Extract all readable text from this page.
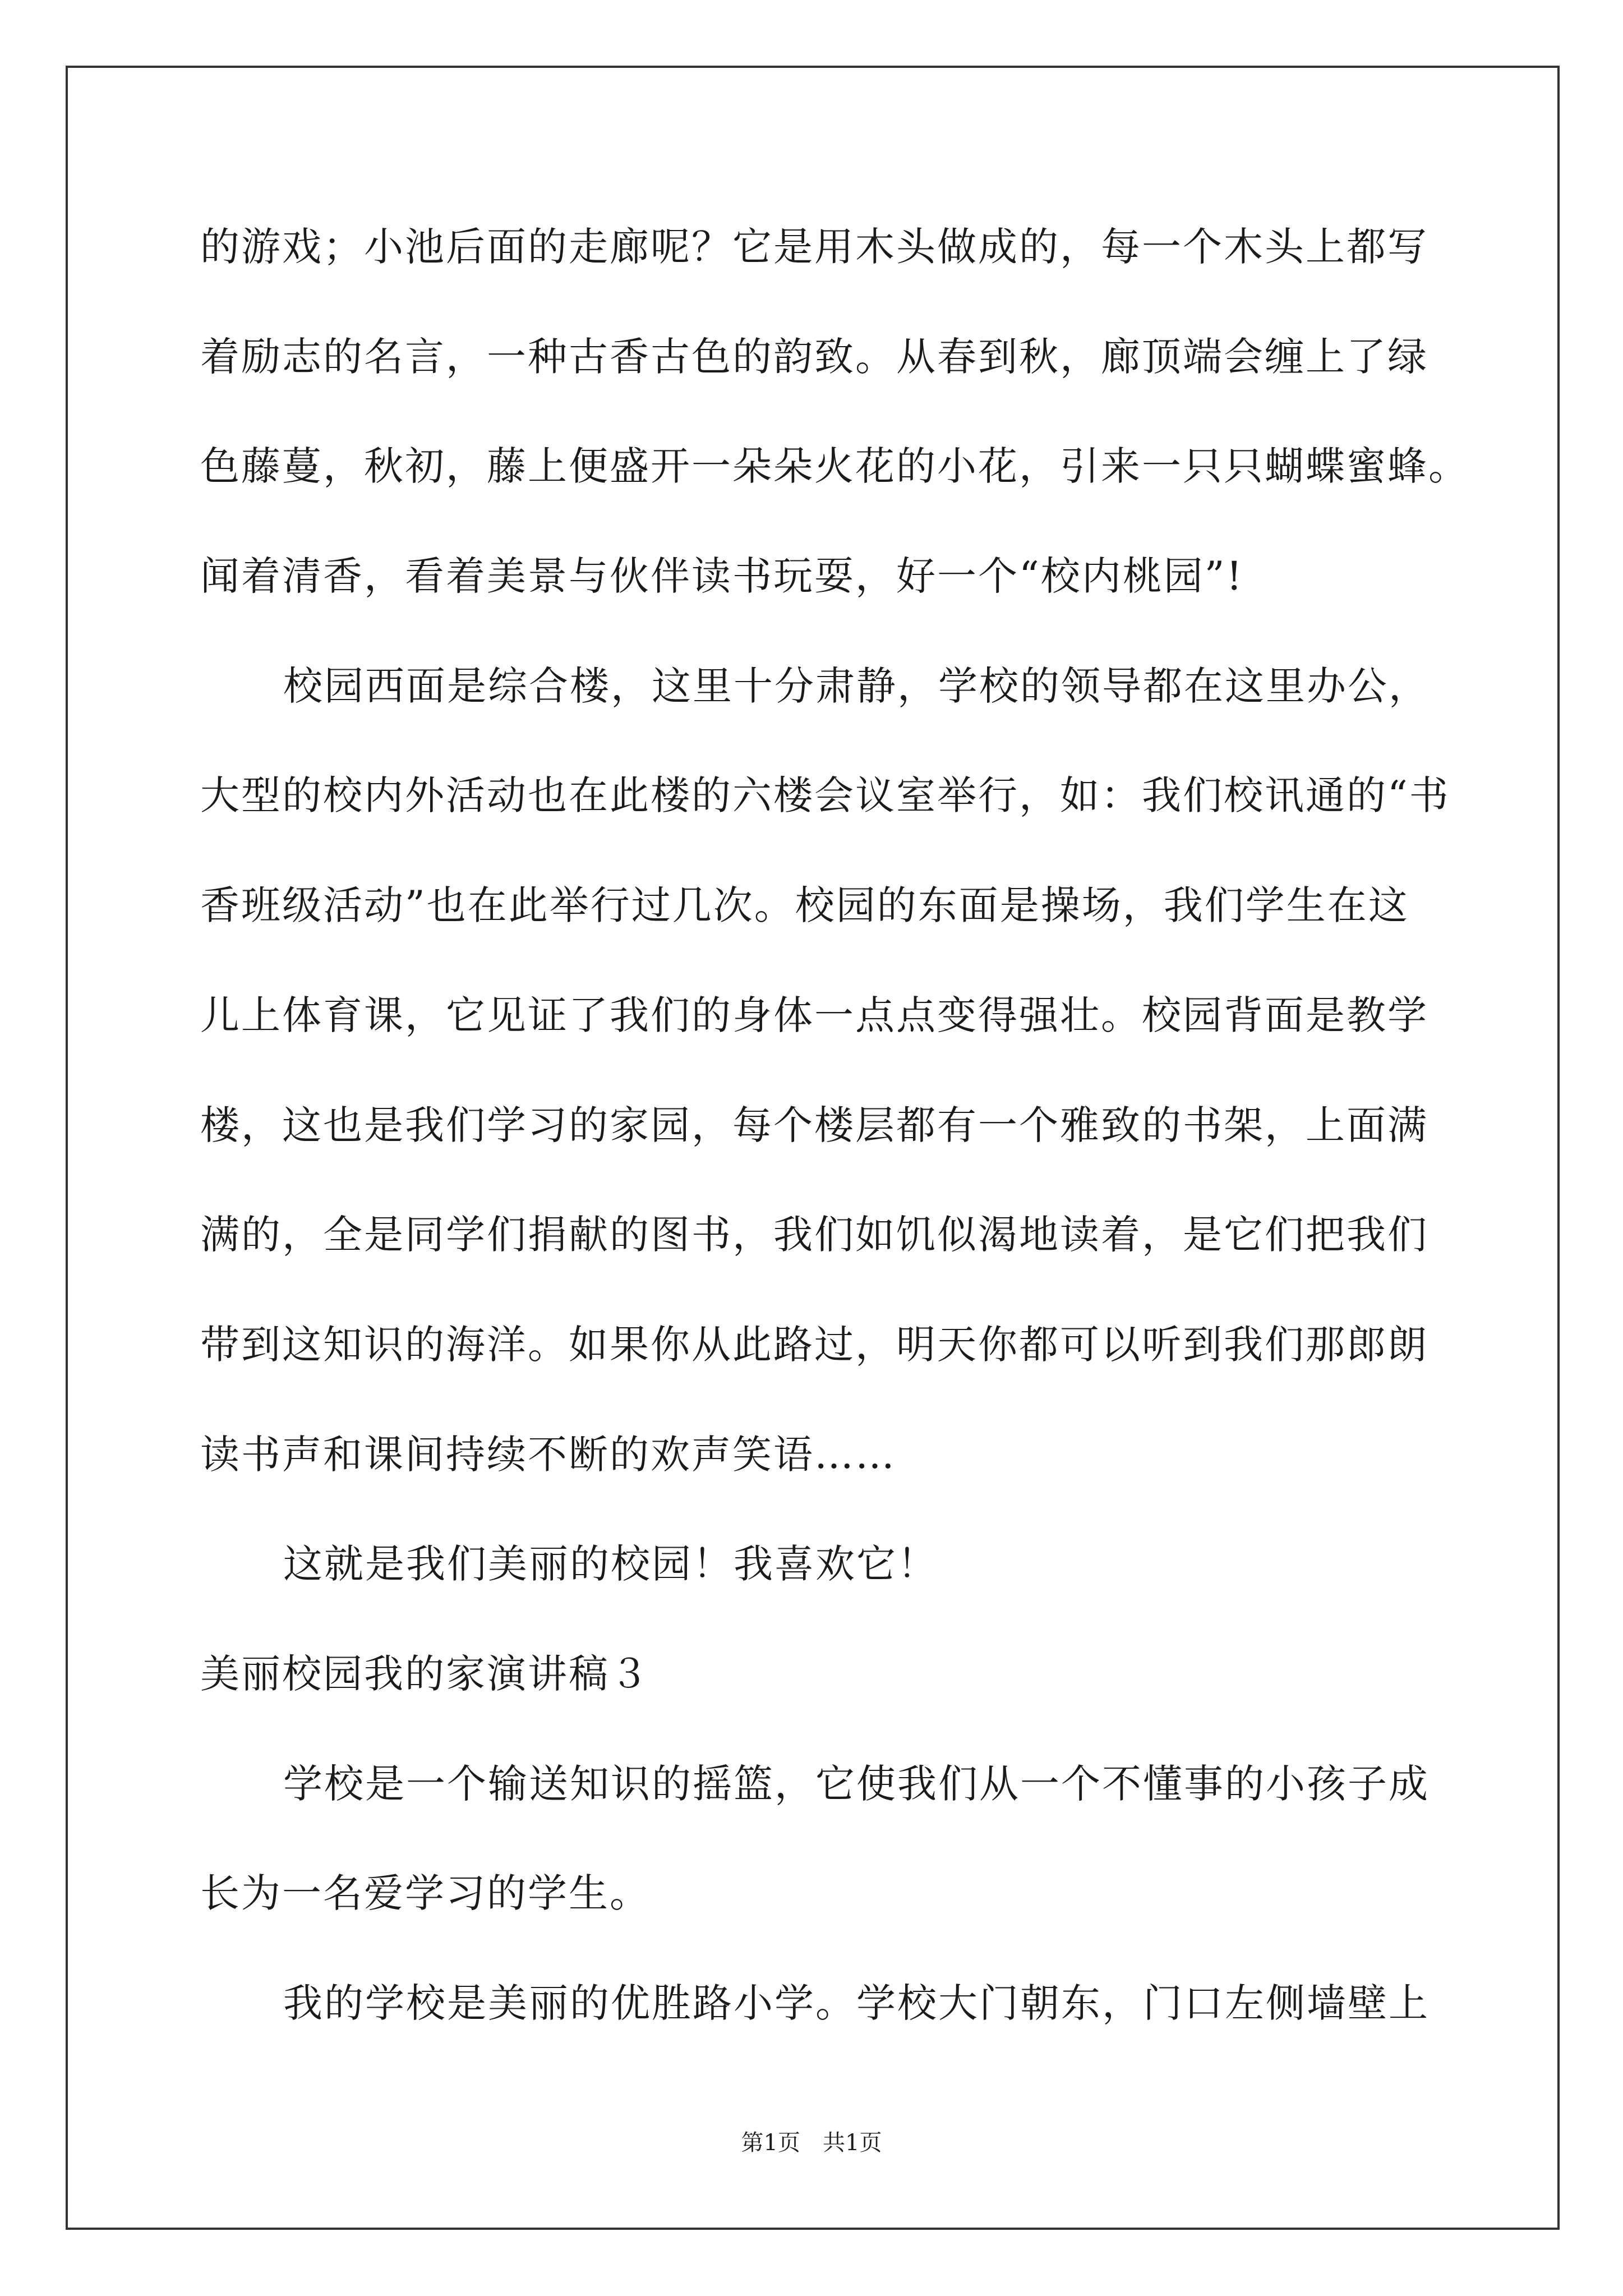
的游戏；小池后面的走廊呢？它是用木头做成的，每一个木头上都写
着励志的名言，一种古香古色的韵致。从春到秋，廊顶端会缠上了绿
色藤蔓，秋初，藤上便盛开一朵朵火花的小花，引来一只只蝴蝶蜜蜂。
闻着清香，看着美景与伙伴读书玩耍，好一个“校内桃园”!
校园西面是综合楼，这里十分肃静，学校的领导都在这里办公，
大型的校内外活动也在此楼的六楼会议室举行，如：我们校讯通的“书
香班级活动”也在此举行过几次。校园的东面是操场，我们学生在这
儿上体育课，它见证了我们的身体一点点变得强壮。校园背面是教学
楼，这也是我们学习的家园，每个楼层都有一个雅致的书架，上面满
满的，全是同学们捐献的图书，我们如饥似渴地读着，是它们把我们
带到这知识的海洋。如果你从此路过，明天你都可以听到我们那郎朗
读书声和课间持续不断的欢声笑语……
这就是我们美丽的校园！我喜欢它！
美丽校园我的家演讲稿３
学校是一个输送知识的摇篮，它使我们从一个不懂事的小孩子成
长为一名爱学习的学生。
我的学校是美丽的优胜路小学。学校大门朝东，门口左侧墙壁上
第1页　共1页
